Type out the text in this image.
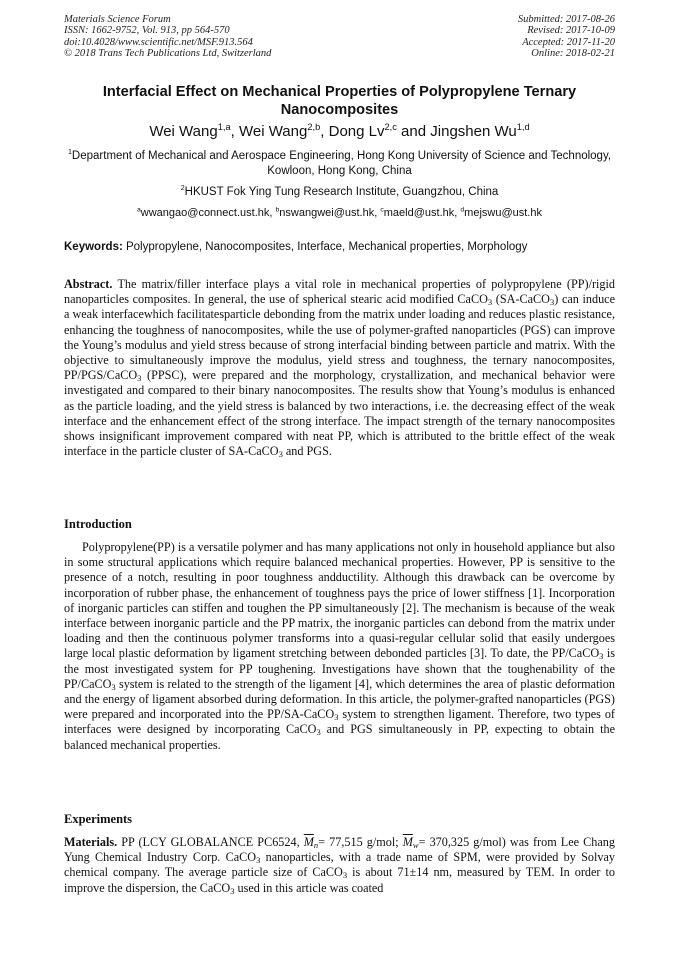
Materials Science Forum
ISSN: 1662-9752, Vol. 913, pp 564-570
doi:10.4028/www.scientific.net/MSF.913.564
© 2018 Trans Tech Publications Ltd, Switzerland
Submitted: 2017-08-26
Revised: 2017-10-09
Accepted: 2017-11-20
Online: 2018-02-21
Interfacial Effect on Mechanical Properties of Polypropylene Ternary Nanocomposites
Wei Wang$^{1,a}$, Wei Wang$^{2,b}$, Dong Lv$^{2,c}$ and Jingshen Wu$^{1,d}$
$^1$Department of Mechanical and Aerospace Engineering, Hong Kong University of Science and Technology, Kowloon, Hong Kong, China
$^2$HKUST Fok Ying Tung Research Institute, Guangzhou, China
$^a$wwangao@connect.ust.hk, $^b$nswangwei@ust.hk, $^c$maeld@ust.hk, $^d$mejswu@ust.hk
Keywords: Polypropylene, Nanocomposites, Interface, Mechanical properties, Morphology

Abstract. The matrix/filler interface plays a vital role in mechanical properties of polypropylene (PP)/rigid nanoparticles composites. In general, the use of spherical stearic acid modified CaCO$_3$ (SA-CaCO$_3$) can induce a weak interfacewhich facilitatesparticle debonding from the matrix under loading and reduces plastic resistance, enhancing the toughness of nanocomposites, while the use of polymer-grafted nanoparticles (PGS) can improve the Young’s modulus and yield stress because of strong interfacial binding between particle and matrix. With the objective to simultaneously improve the modulus, yield stress and toughness, the ternary nanocomposites, PP/PGS/CaCO$_3$ (PPSC), were prepared and the morphology, crystallization, and mechanical behavior were investigated and compared to their binary nanocomposites. The results show that Young’s modulus is enhanced as the particle loading, and the yield stress is balanced by two interactions, i.e. the decreasing effect of the weak interface and the enhancement effect of the strong interface. The impact strength of the ternary nanocomposites shows insignificant improvement compared with neat PP, which is attributed to the brittle effect of the weak interface in the particle cluster of SA-CaCO$_3$ and PGS.

Introduction

Polypropylene(PP) is a versatile polymer and has many applications not only in household appliance but also in some structural applications which require balanced mechanical properties. However, PP is sensitive to the presence of a notch, resulting in poor toughness andductility. Although this drawback can be overcome by incorporation of rubber phase, the enhancement of toughness pays the price of lower stiffness [1]. Incorporation of inorganic particles can stiffen and toughen the PP simultaneously [2]. The mechanism is because of the weak interface between inorganic particle and the PP matrix, the inorganic particles can debond from the matrix under loading and then the continuous polymer transforms into a quasi-regular cellular solid that easily undergoes large local plastic deformation by ligament stretching between debonded particles [3]. To date, the PP/CaCO$_3$ is the most investigated system for PP toughening. Investigations have shown that the toughenability of the PP/CaCO$_3$ system is related to the strength of the ligament [4], which determines the area of plastic deformation and the energy of ligament absorbed during deformation. In this article, the polymer-grafted nanoparticles (PGS) were prepared and incorporated into the PP/SA-CaCO$_3$ system to strengthen ligament. Therefore, two types of interfaces were designed by incorporating CaCO$_3$ and PGS simultaneously in PP, expecting to obtain the balanced mechanical properties.

Experiments

Materials. PP (LCY GLOBALANCE PC6524, $\overline{M}_n= 77,515$ g/mol; $\overline{M}_w= 370,325$ g/mol) was from Lee Chang Yung Chemical Industry Corp. CaCO$_3$ nanoparticles, with a trade name of SPM, were provided by Solvay chemical company. The average particle size of CaCO$_3$ is about 71±14 nm, measured by TEM. In order to improve the dispersion, the CaCO$_3$ used in this article was coated
